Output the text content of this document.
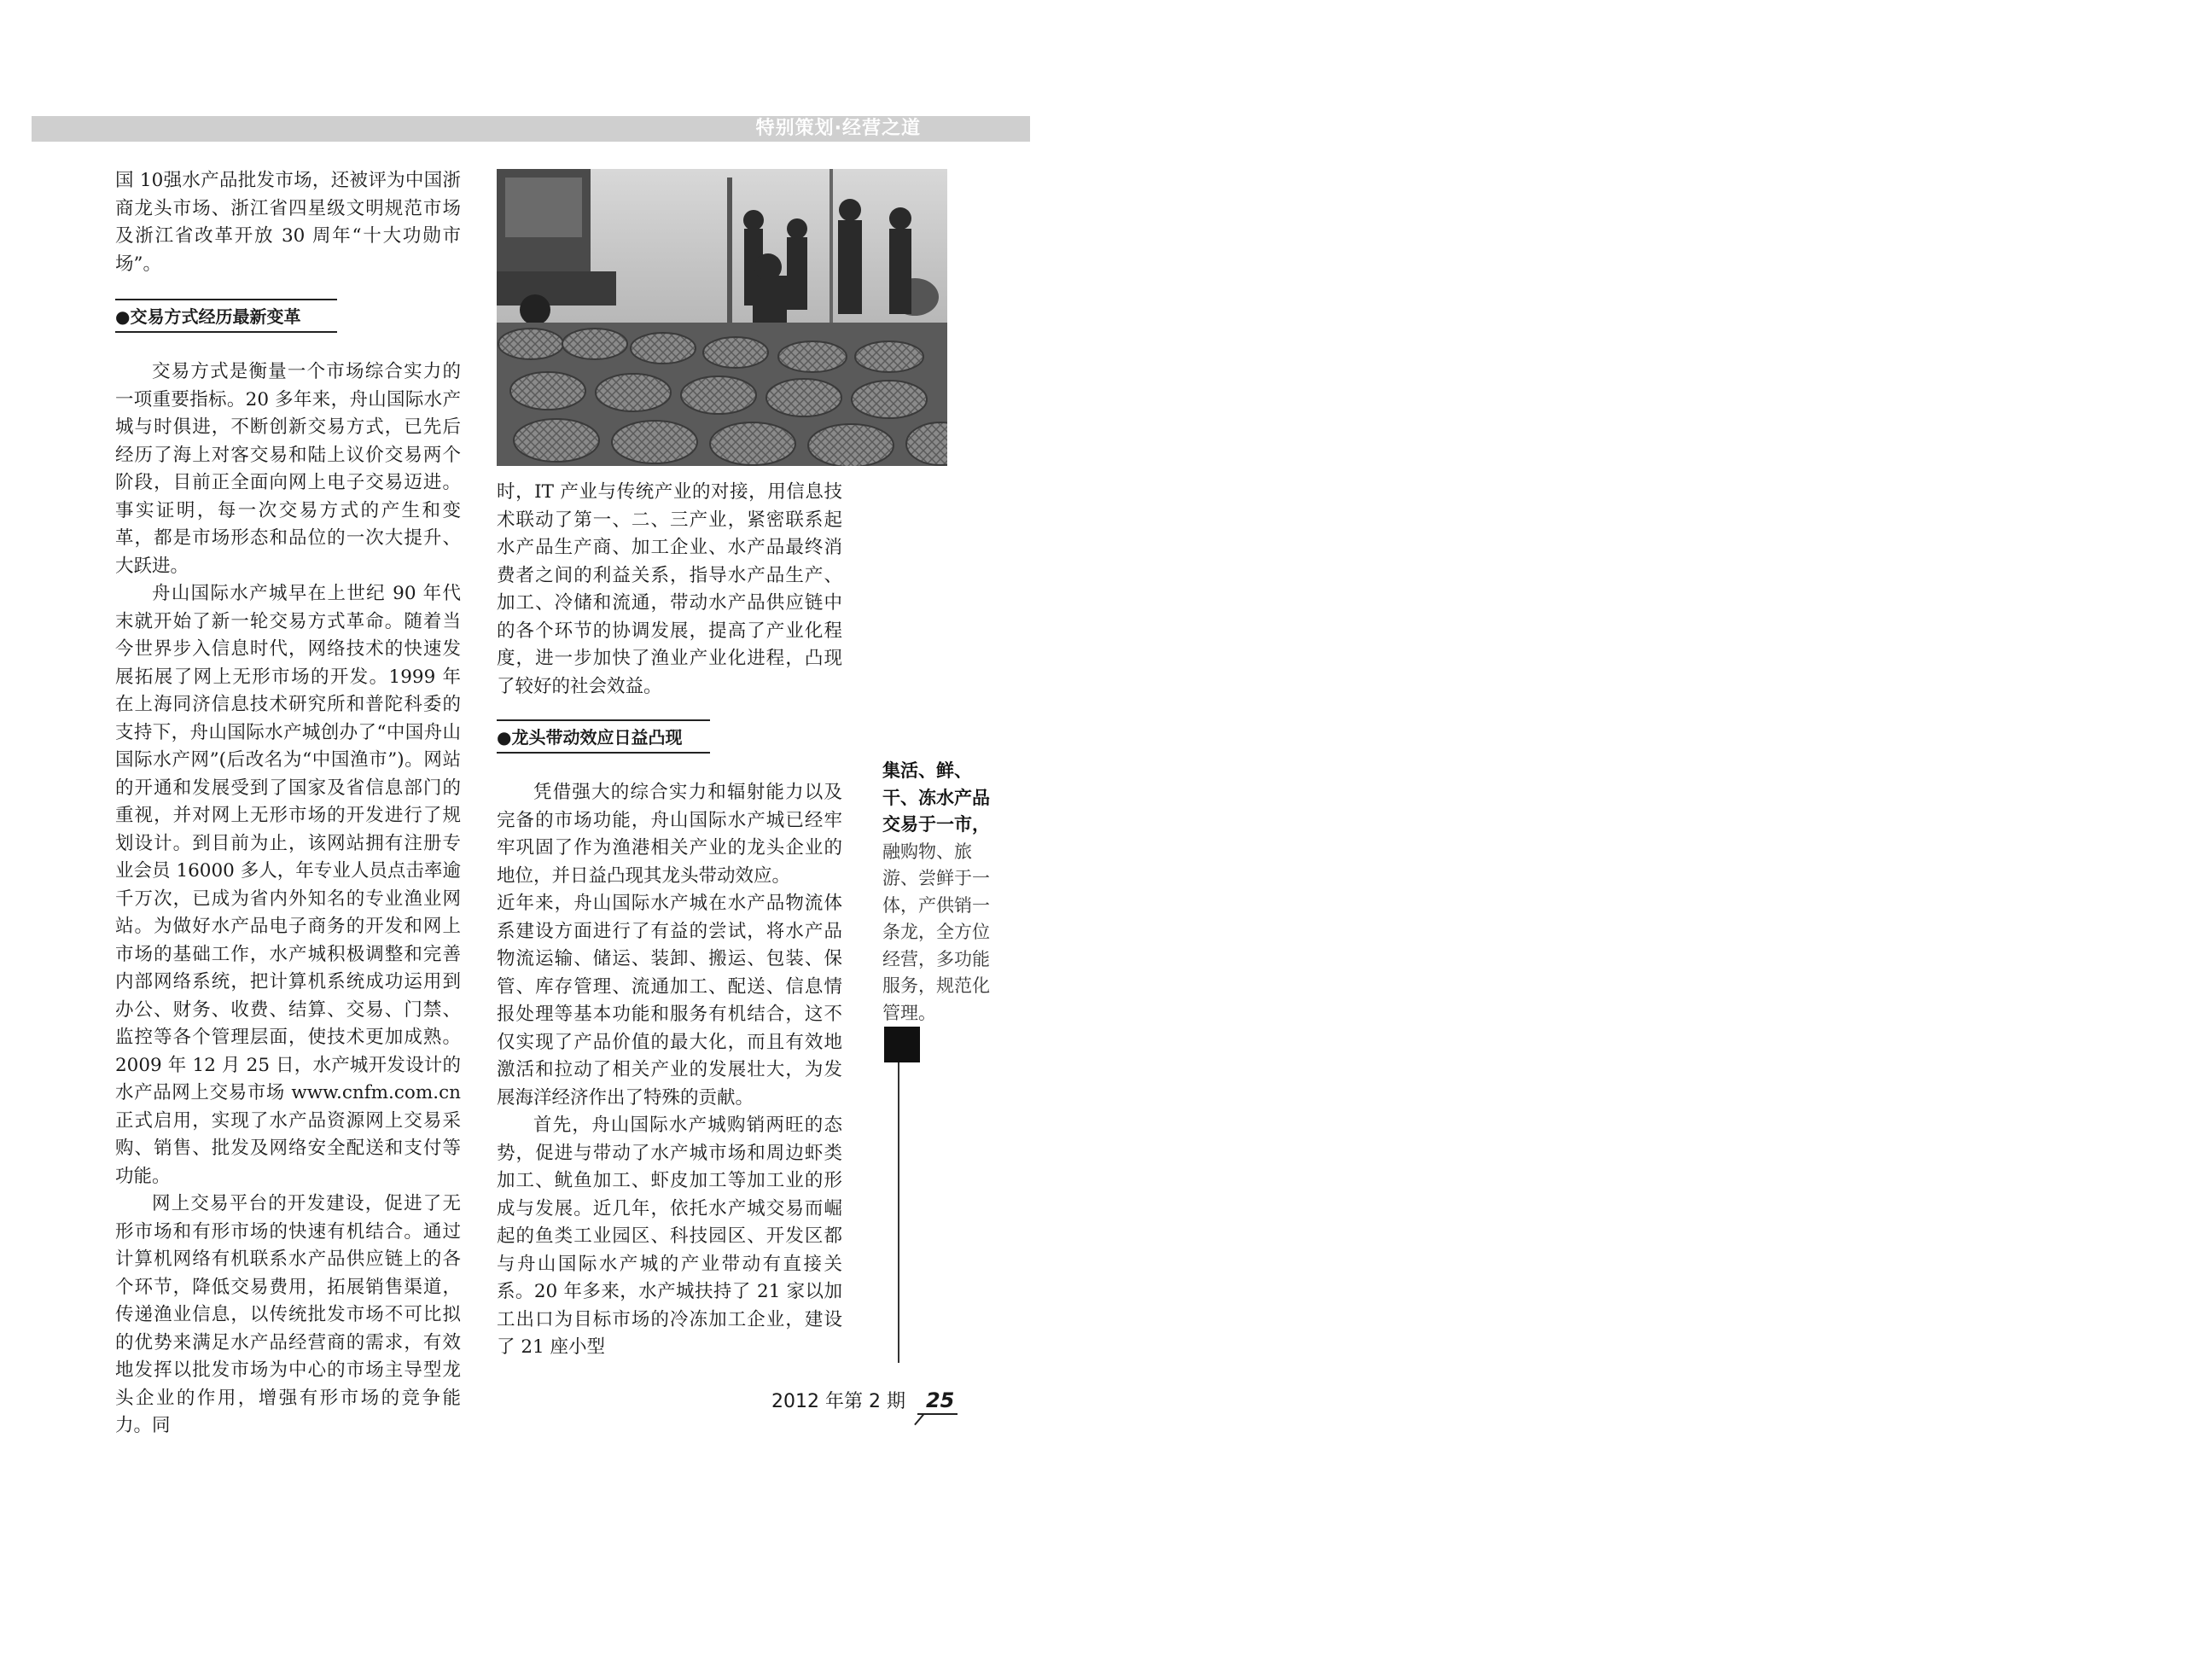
特别策划·经营之道

国 10强水产品批发市场，还被评为中国浙商龙头市场、浙江省四星级文明规范市场及浙江省改革开放 30 周年“十大功勋市场”。

●交易方式经历最新变革

交易方式是衡量一个市场综合实力的一项重要指标。20 多年来，舟山国际水产城与时俱进，不断创新交易方式，已先后经历了海上对客交易和陆上议价交易两个阶段，目前正全面向网上电子交易迈进。事实证明，每一次交易方式的产生和变革，都是市场形态和品位的一次大提升、大跃进。

舟山国际水产城早在上世纪 90 年代末就开始了新一轮交易方式革命。随着当今世界步入信息时代，网络技术的快速发展拓展了网上无形市场的开发。1999 年在上海同济信息技术研究所和普陀科委的支持下，舟山国际水产城创办了“中国舟山国际水产网”(后改名为“中国渔市”)。网站的开通和发展受到了国家及省信息部门的重视，并对网上无形市场的开发进行了规划设计。到目前为止，该网站拥有注册专业会员 16000 多人，年专业人员点击率逾千万次，已成为省内外知名的专业渔业网站。为做好水产品电子商务的开发和网上市场的基础工作，水产城积极调整和完善内部网络系统，把计算机系统成功运用到办公、财务、收费、结算、交易、门禁、监控等各个管理层面，使技术更加成熟。2009 年 12 月 25 日，水产城开发设计的水产品网上交易市场 www.cnfm.com.cn 正式启用，实现了水产品资源网上交易采购、销售、批发及网络安全配送和支付等功能。

网上交易平台的开发建设，促进了无形市场和有形市场的快速有机结合。通过计算机网络有机联系水产品供应链上的各个环节，降低交易费用，拓展销售渠道，传递渔业信息，以传统批发市场不可比拟的优势来满足水产品经营商的需求，有效地发挥以批发市场为中心的市场主导型龙头企业的作用，增强有形市场的竞争能力。同

时，IT 产业与传统产业的对接，用信息技术联动了第一、二、三产业，紧密联系起水产品生产商、加工企业、水产品最终消费者之间的利益关系，指导水产品生产、加工、冷储和流通，带动水产品供应链中的各个环节的协调发展，提高了产业化程度，进一步加快了渔业产业化进程，凸现了较好的社会效益。

●龙头带动效应日益凸现

凭借强大的综合实力和辐射能力以及完备的市场功能，舟山国际水产城已经牢牢巩固了作为渔港相关产业的龙头企业的地位，并日益凸现其龙头带动效应。

近年来，舟山国际水产城在水产品物流体系建设方面进行了有益的尝试，将水产品物流运输、储运、装卸、搬运、包装、保管、库存管理、流通加工、配送、信息情报处理等基本功能和服务有机结合，这不仅实现了产品价值的最大化，而且有效地激活和拉动了相关产业的发展壮大，为发展海洋经济作出了特殊的贡献。

首先，舟山国际水产城购销两旺的态势，促进与带动了水产城市场和周边虾类加工、鱿鱼加工、虾皮加工等加工业的形成与发展。近几年，依托水产城交易而崛起的鱼类工业园区、科技园区、开发区都与舟山国际水产城的产业带动有直接关系。20 年多来，水产城扶持了 21 家以加工出口为目标市场的冷冻加工企业，建设了 21 座小型

集活、鲜、干、冻水产品交易于一市，融购物、旅游、尝鲜于一体，产供销一条龙，全方位经营，多功能服务，规范化管理。
2012 年第 2 期	25
